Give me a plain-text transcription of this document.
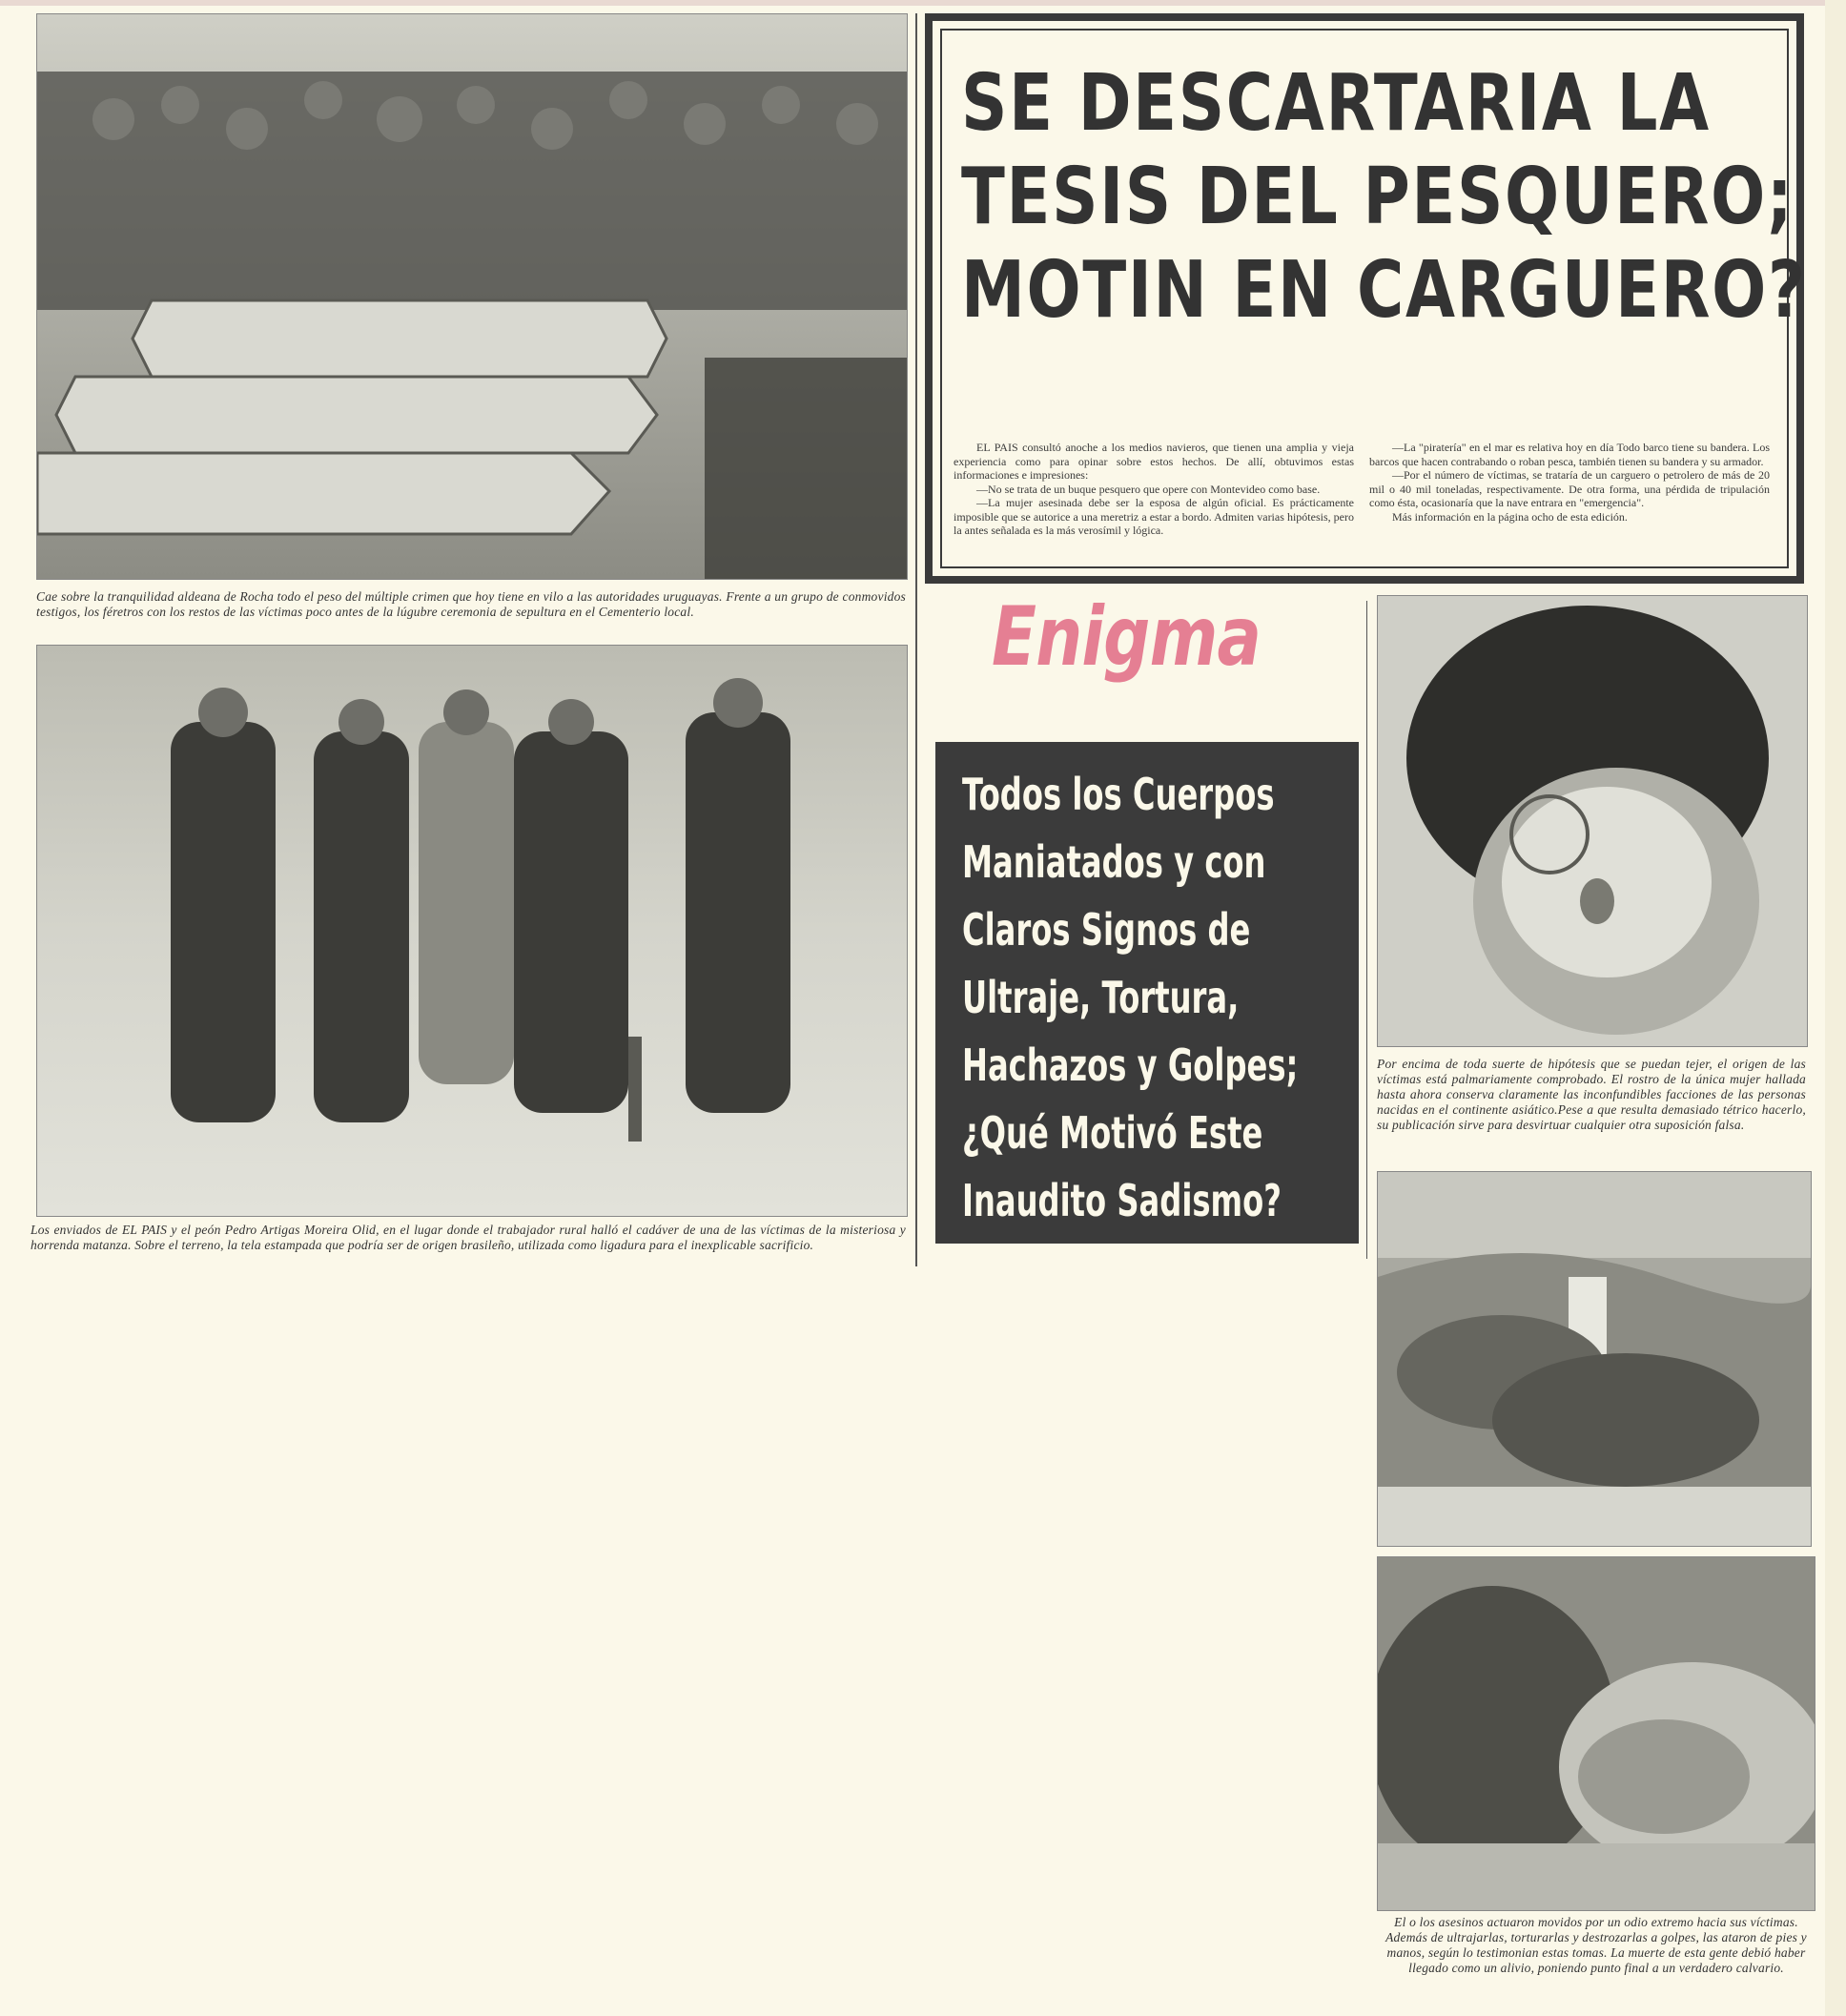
Cae sobre la tranquilidad aldeana de Rocha todo el peso del múltiple crimen que hoy tiene en vilo a las autoridades uruguayas. Frente a un grupo de conmovidos testigos, los féretros con los restos de las víctimas poco antes de la lúgubre ceremonia de sepultura en el Cementerio local.
Los enviados de EL PAIS y el peón Pedro Artigas Moreira Olid, en el lugar donde el trabajador rural halló el cadáver de una de las víctimas de la misteriosa y horrenda matanza. Sobre el terreno, la tela estampada que podría ser de origen brasileño, utilizada como ligadura para el inexplicable sacrificio.
SE DESCARTARIA LA
TESIS DEL PESQUERO;
MOTIN EN CARGUERO?

EL PAIS consultó anoche a los medios navieros, que tienen una amplia y vieja experiencia como para opinar sobre estos hechos. De allí, obtuvimos estas informaciones e impresiones:

—No se trata de un buque pesquero que opere con Montevideo como base.

—La mujer asesinada debe ser la esposa de algún oficial. Es prácticamente imposible que se autorice a una meretriz a estar a bordo. Admiten varias hipótesis, pero la antes señalada es la más verosímil y lógica.

—La "piratería" en el mar es relativa hoy en día Todo barco tiene su bandera. Los barcos que hacen contrabando o roban pesca, también tienen su bandera y su armador.

—Por el número de víctimas, se trataría de un carguero o petrolero de más de 20 mil o 40 mil toneladas, respectivamente. De otra forma, una pérdida de tripulación como ésta, ocasionaría que la nave entrara en "emergencia".

Más información en la página ocho de esta edición.

Enigma
Todos los Cuerpos
Maniatados y con
Claros Signos de
Ultraje, Tortura,
Hachazos y Golpes;
¿Qué Motivó Este
Inaudito Sadismo?
Por encima de toda suerte de hipótesis que se puedan tejer, el origen de las víctimas está palmariamente comprobado. El rostro de la única mujer hallada hasta ahora conserva claramente las inconfundibles facciones de las personas nacidas en el continente asiático.Pese a que resulta demasiado tétrico hacerlo, su publicación sirve para desvirtuar cualquier otra suposición falsa.
El o los asesinos actuaron movidos por un odio extremo hacia sus víctimas. Además de ultrajarlas, torturarlas y destrozarlas a golpes, las ataron de pies y manos, según lo testimonian estas tomas. La muerte de esta gente debió haber llegado como un alivio, poniendo punto final a un verdadero calvario.
